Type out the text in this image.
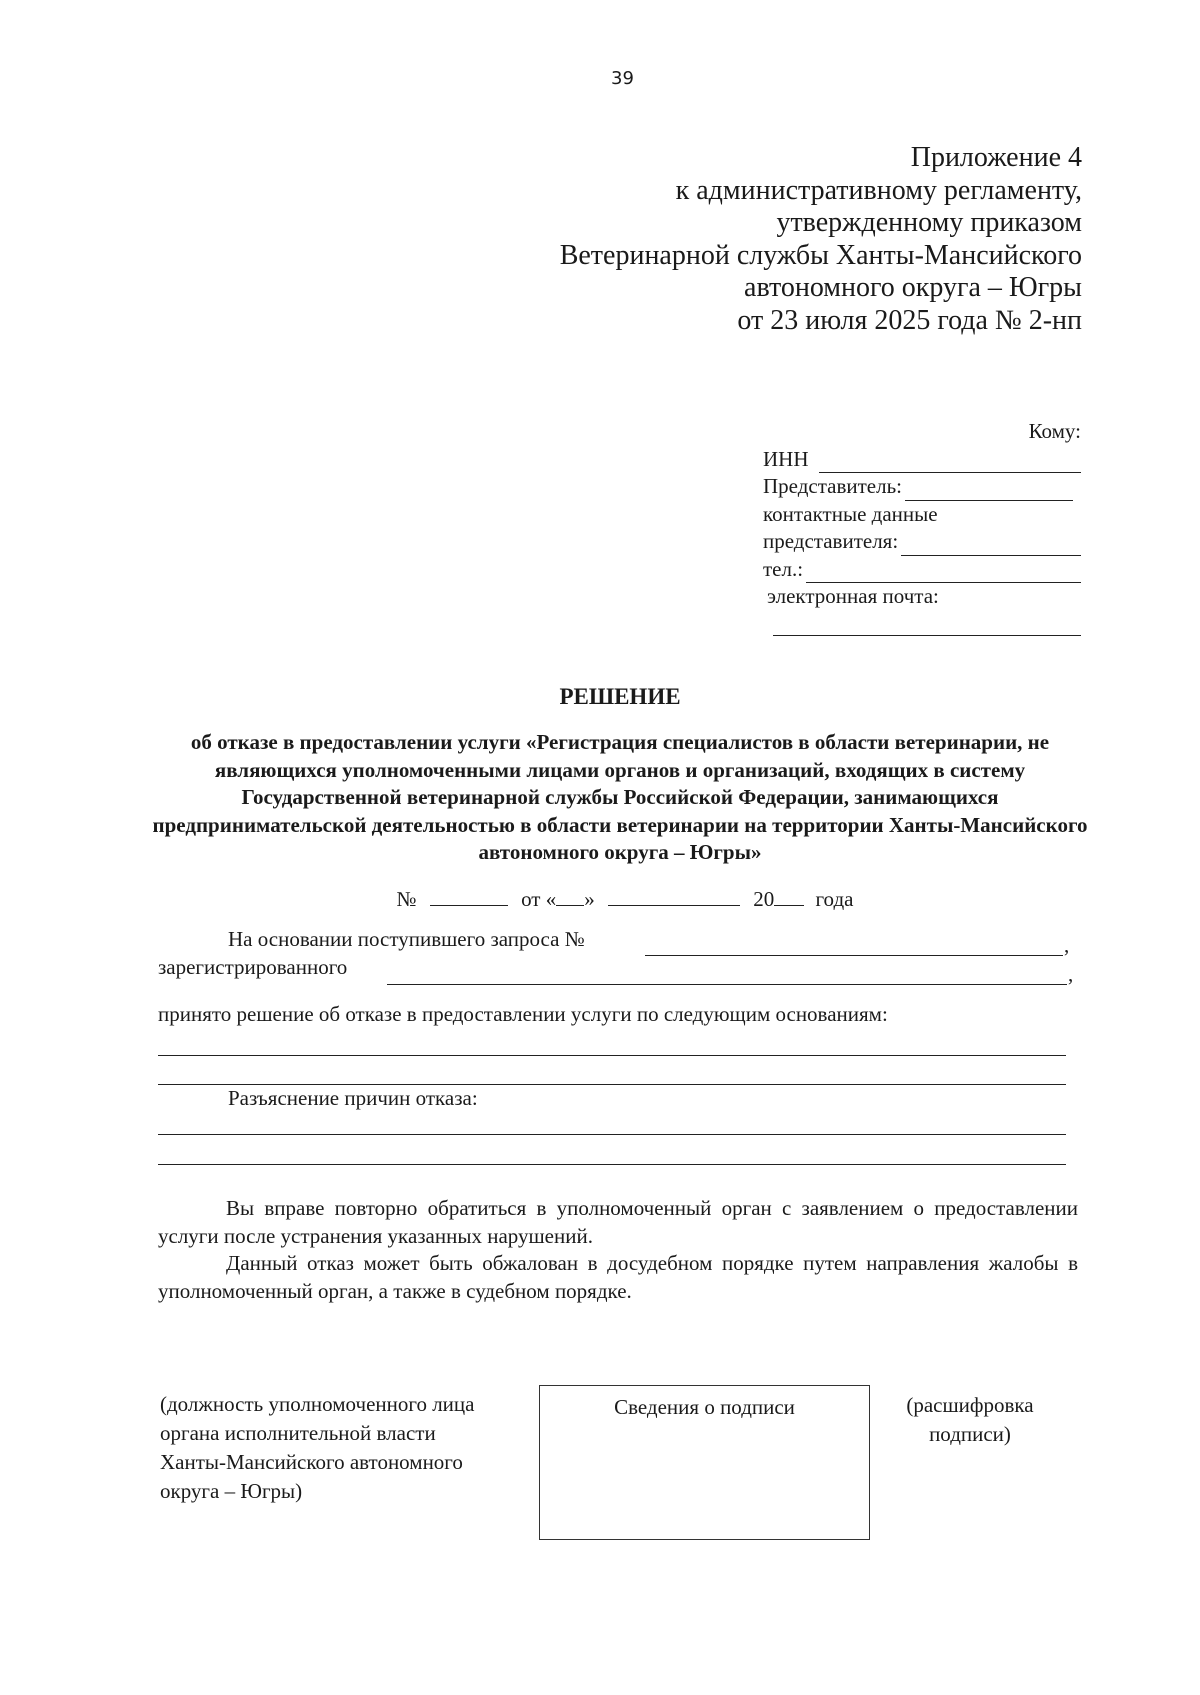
39
Приложение 4
к административному регламенту,
утвержденному приказом
Ветеринарной службы Ханты-Мансийского
автономного округа – Югры
от 23 июля 2025 года № 2-нп
Кому:
ИНН
Представитель:
контактные данные
представителя:
тел.:
электронная почта:
РЕШЕНИЕ
об отказе в предоставлении услуги «Регистрация специалистов в области ветеринарии, не являющихся уполномоченными лицами органов и организаций, входящих в систему Государственной ветеринарной службы Российской Федерации, занимающихся предпринимательской деятельностью в области ветеринарии на территории Ханты-Мансийского автономного округа – Югры»
№	от « »	20 года
На основании поступившего запроса №	,
зарегистрированного	,
принято решение об отказе в предоставлении услуги по следующим основаниям:
Разъяснение причин отказа:

Вы вправе повторно обратиться в уполномоченный орган с заявлением о предоставлении услуги после устранения указанных нарушений.

Данный отказ может быть обжалован в досудебном порядке путем направления жалобы в уполномоченный орган, а также в судебном порядке.

(должность уполномоченного лица
органа исполнительной власти
Ханты-Мансийского автономного
округа – Югры)
Сведения о подписи	(расшифровка подписи)
